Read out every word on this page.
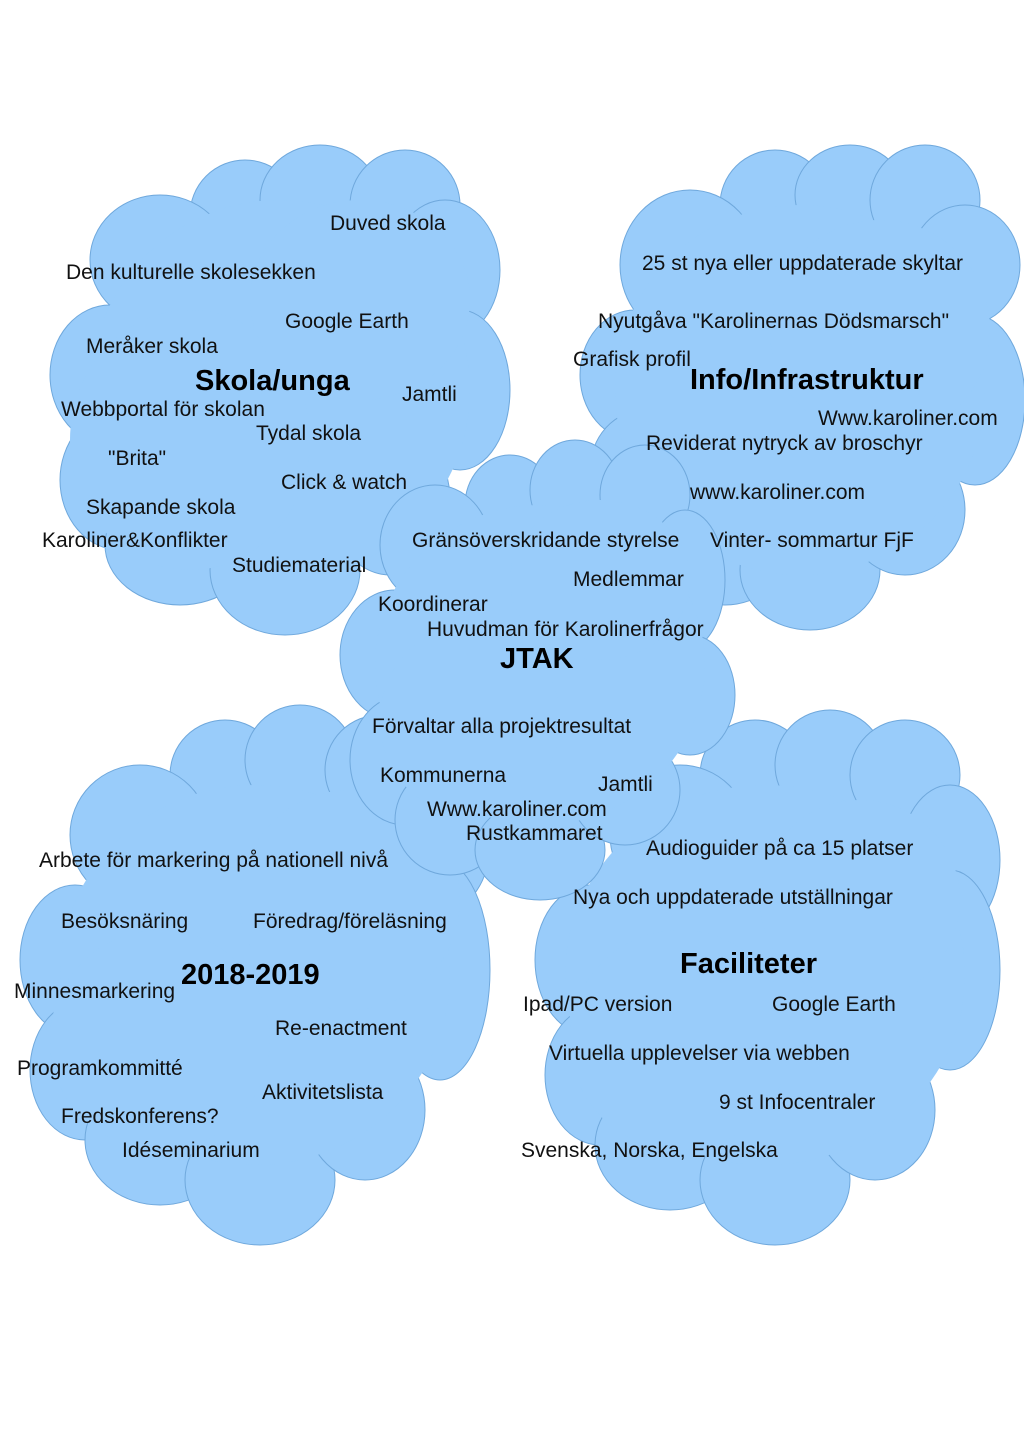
Skola/unga
Duved skola
Den kulturelle skolesekken
Google Earth
Meråker skola
Jamtli
Webbportal för skolan
Tydal skola
"Brita"
Click & watch
Skapande skola
Karoliner&Konflikter
Studiematerial
Info/Infrastruktur
25 st nya eller uppdaterade skyltar
Nyutgåva "Karolinernas Dödsmarsch"
Grafisk profil
Www.karoliner.com
Reviderat nytryck av broschyr
www.karoliner.com
Vinter- sommartur FjF
Gränsöverskridande styrelse
Medlemmar
Koordinerar
Huvudman för Karolinerfrågor
JTAK
Förvaltar alla projektresultat
Kommunerna	Jamtli
Www.karoliner.com
Rustkammaret
Arbete för markering på nationell nivå
Besöksnäring	Föredrag/föreläsning
2018-2019
Minnesmarkering
Re-enactment
Programkommitté
Aktivitetslista
Fredskonferens?
Idéseminarium
Audioguider på ca 15 platser
Nya och uppdaterade utställningar
Faciliteter
Ipad/PC version	Google Earth
Virtuella upplevelser via webben
9 st Infocentraler
Svenska, Norska, Engelska
